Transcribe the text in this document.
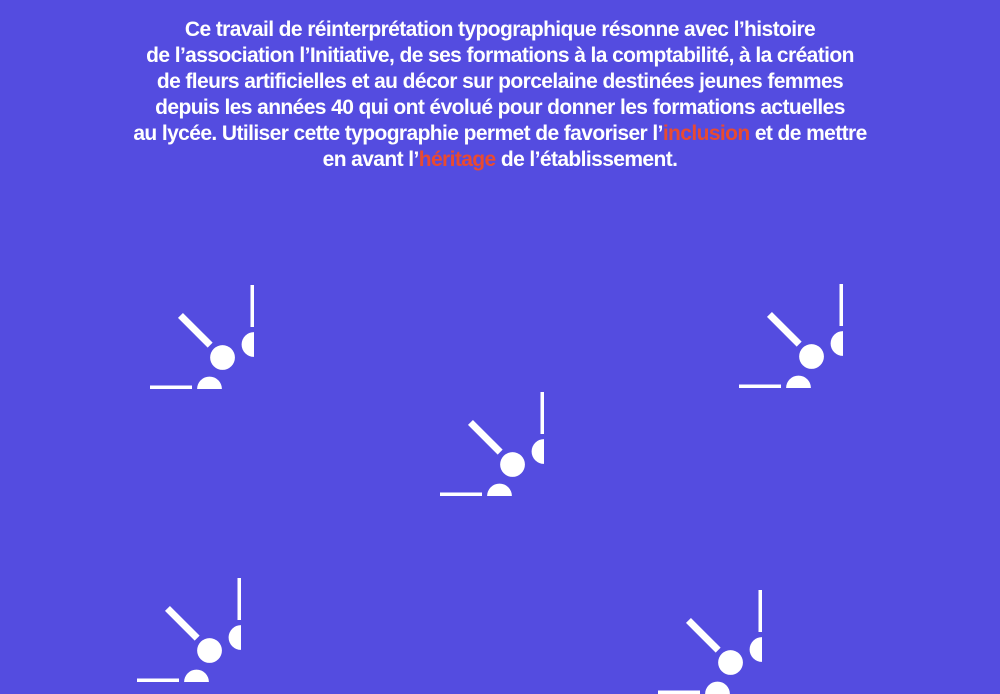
Ce travail de réinterprétation typographique résonne avec l’histoire

de l’association l’Initiative, de ses formations à la comptabilité, à la création

de fleurs artificielles et au décor sur porcelaine destinées jeunes femmes

depuis les années 40 qui ont évolué pour donner les formations actuelles

au lycée. Utiliser cette typographie permet de favoriser l’inclusion et de mettre

en avant l’héritage de l’établissement.
